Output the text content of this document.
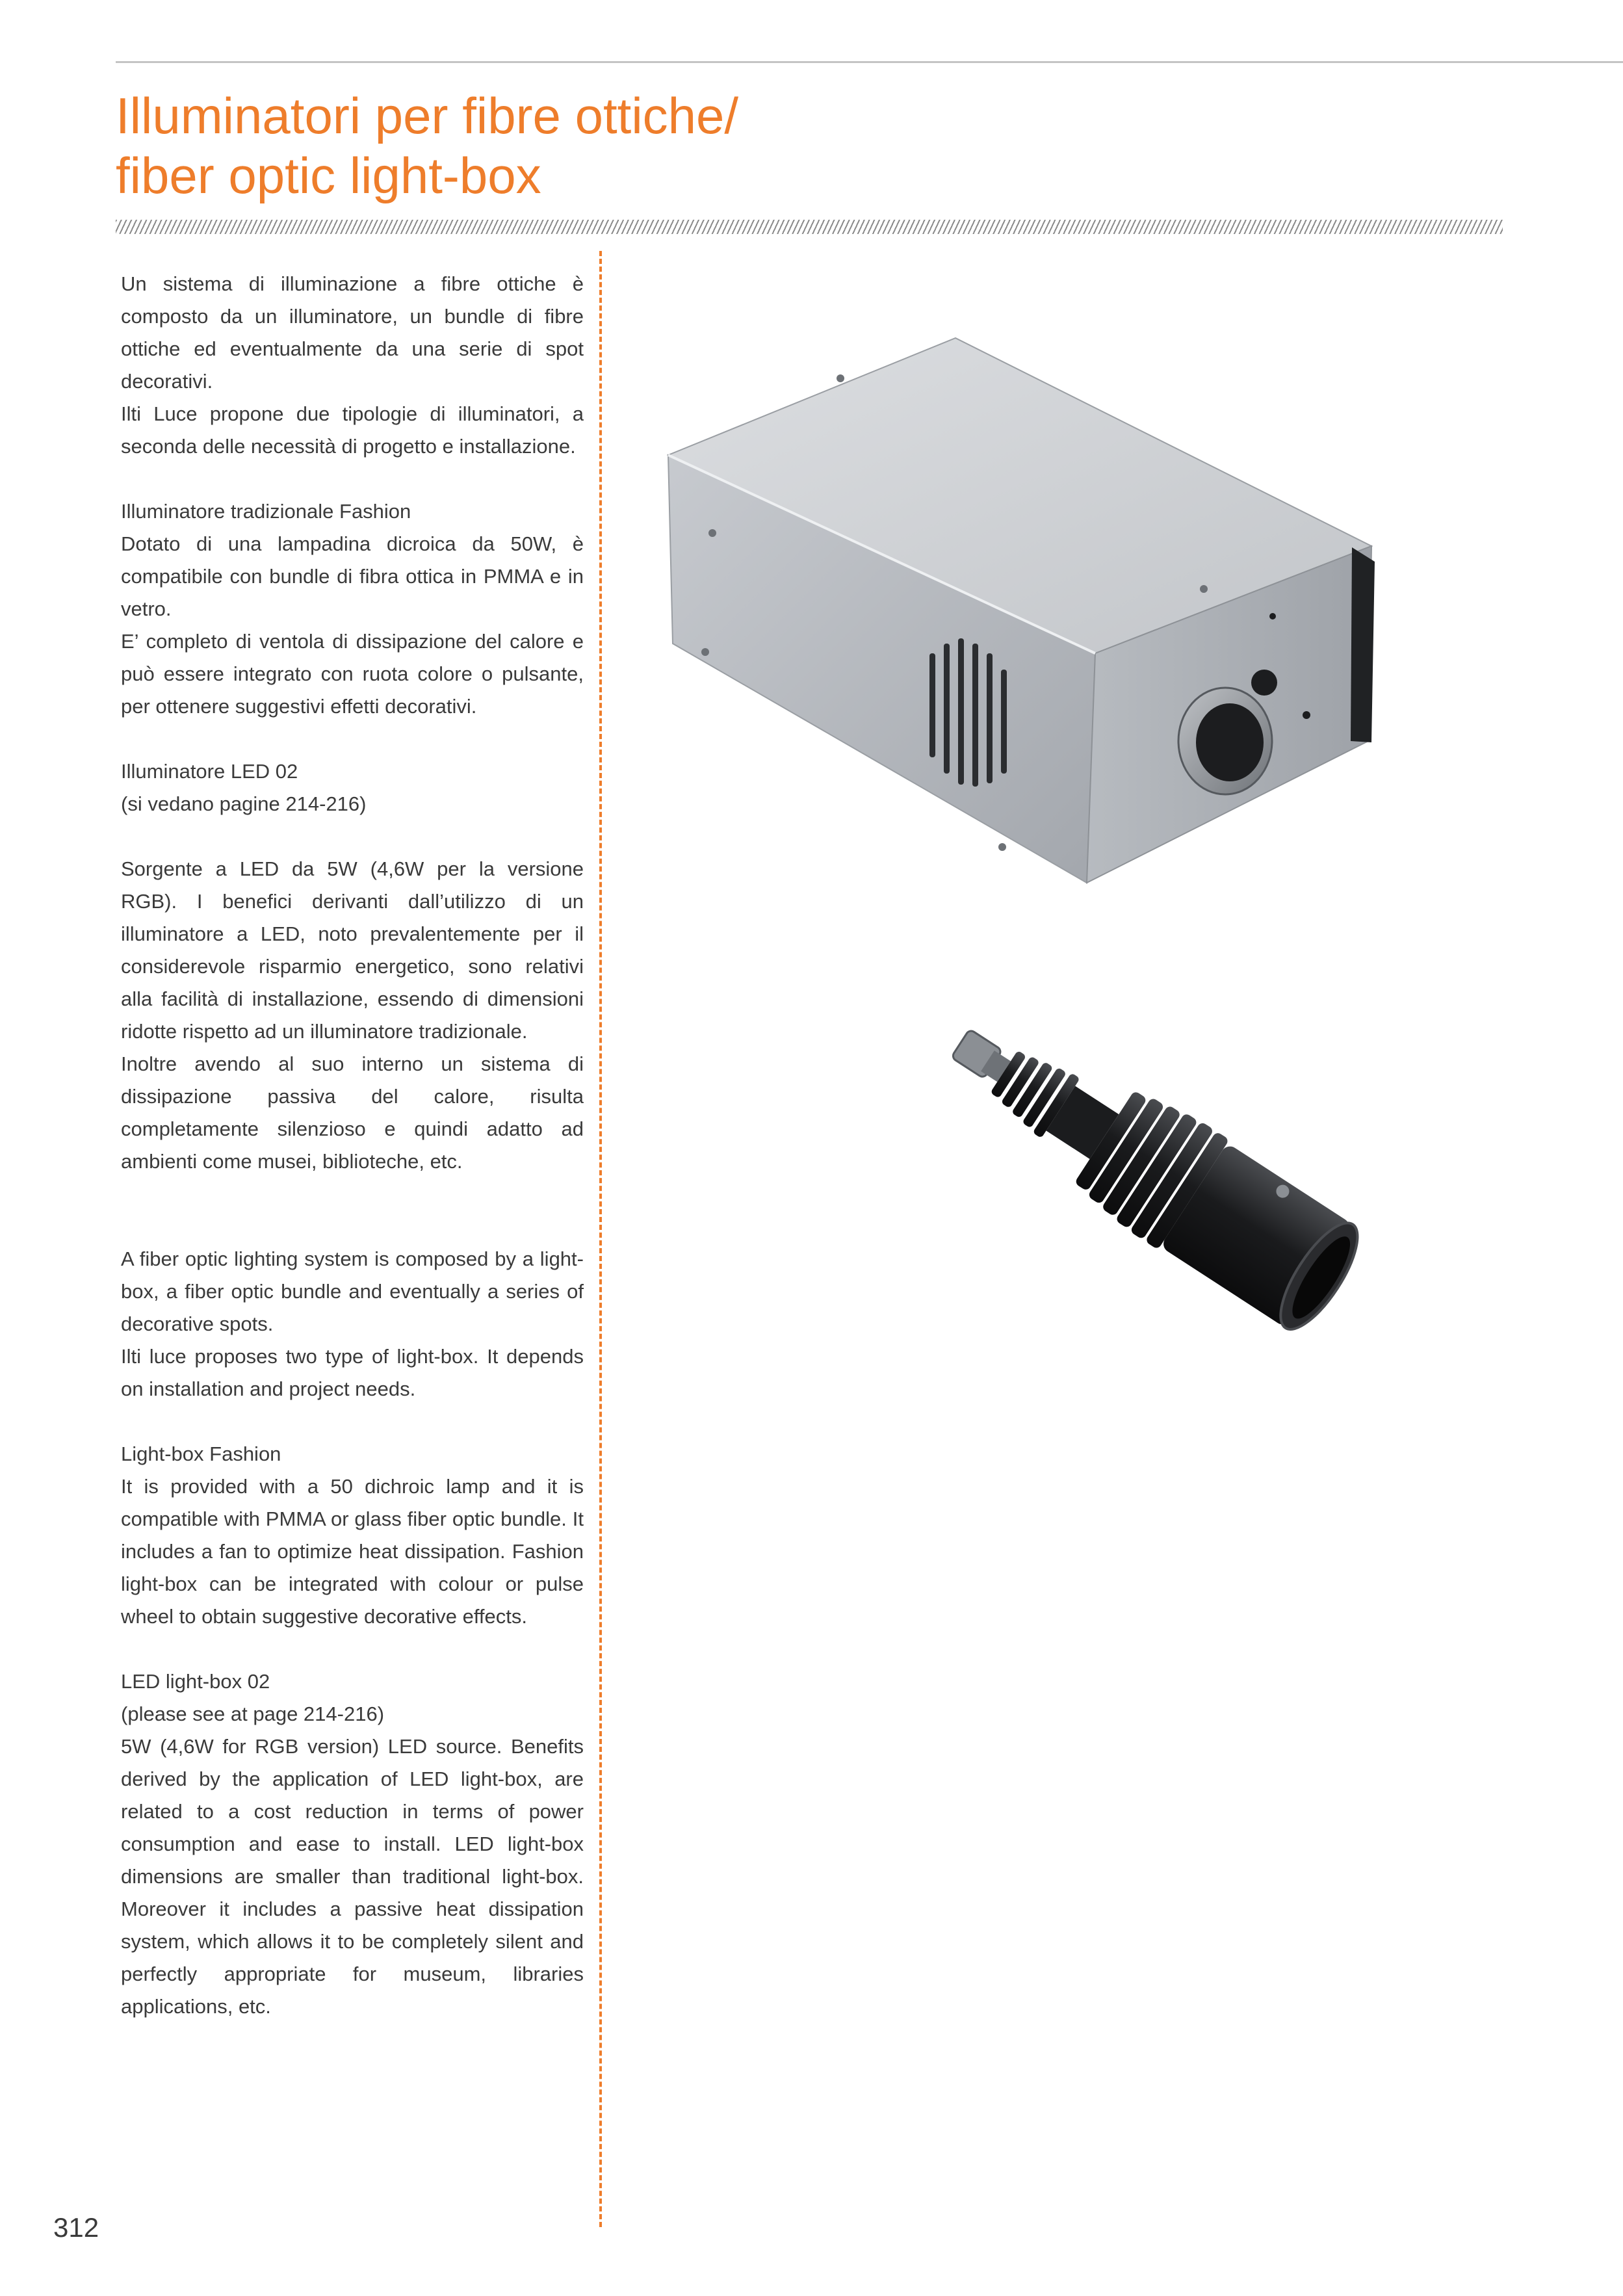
Illuminatori per fibre ottiche/
fiber optic light-box

Un sistema di illuminazione a fibre ottiche è composto da un illuminatore, un bundle di fibre ottiche ed eventualmente da una serie di spot decorativi.

Ilti Luce propone due tipologie di illuminatori, a seconda delle necessità di progetto e installazione.

Illuminatore tradizionale Fashion

Dotato di una lampadina dicroica da 50W, è compatibile con bundle di fibra ottica in PMMA e in vetro.

E’ completo di ventola di dissipazione del calore e può essere integrato con ruota colore o pulsante, per ottenere suggestivi effetti decorativi.

Illuminatore LED 02

(si vedano pagine 214-216)

Sorgente a LED da 5W (4,6W per la versione RGB). I benefici derivanti dall’utilizzo di un illuminatore a LED, noto prevalentemente per il considerevole risparmio energetico, sono relativi alla facilità di installazione, essendo di dimensioni ridotte rispetto ad un illuminatore tradizionale.

Inoltre avendo al suo interno un sistema di dissipazione passiva del calore, risulta completamente silenzioso e quindi adatto ad ambienti come musei, biblioteche, etc.

A fiber optic lighting system is composed by a light-box, a fiber optic bundle and eventually a series of decorative spots.

Ilti luce proposes two type of light-box. It depends on installation and project needs.

Light-box Fashion

It is provided with a 50 dichroic lamp and it is compatible with PMMA or glass fiber optic bundle. It includes a fan to optimize heat dissipation. Fashion light-box can be integrated with colour or pulse wheel to obtain suggestive decorative effects.

LED light-box 02

(please see at page 214-216)

5W (4,6W for RGB version) LED source. Benefits derived by the application of LED light-box, are related to a cost reduction in terms of power consumption and ease to install. LED light-box dimensions are smaller than traditional light-box. Moreover it includes a passive heat dissipation system, which allows it to be completely silent and perfectly appropriate for museum, libraries applications, etc.

312
